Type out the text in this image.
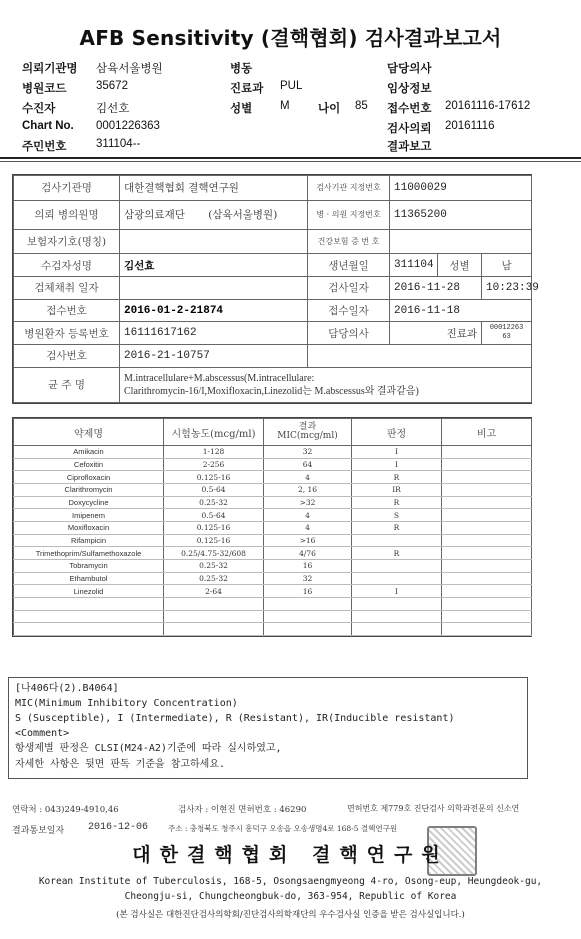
AFB Sensitivity (결핵협회) 검사결과보고서
의뢰기관명 삼육서울병원
병원코드	35672
수진자	김선호
Chart No. 0001226363
주민번호	311104--
병동
진료과 PUL
성별 M 나이 85
담당의사
임상정보
접수번호 20161116-17612
검사의뢰 20161116
결과보고
검사기관명	대한결핵협회 결핵연구원	검사기관 지정번호	11000029		
의뢰 병의원명	삼광의료재단 (삼육서울병원)	병 · 의원 지정번호	11365200		
보험자기호(명칭)		건강보험 증 번 호			
수검자성명	김선효	생년월일	311104	성별	남
검체채취 일자		검사일자	2016-11-28		10:23:39
접수번호	2016-01-2-21874	접수일자	2016-11-18		
병원환자 등록번호	16111617162	담당의사	진료과		00012263 63
검사번호	2016-21-10757				
균 주 명	M.intracellulare+M.abscessus(M.intracellulare:
Clarithromycin-16/I,Moxifloxacin,Linezolid는 M.abscessus와 결과같음)				
약제명	시험농도(mcg/ml)	결과 MIC(mcg/ml)	판정	비고
Amikacin	1-128	32	I	
Cefoxitin	2-256	64	I	
Ciprofloxacin	0.125-16	4	R	
Clarithromycin	0.5-64	2, 16	IR	
Doxycycline	0.25-32	>32	R	
Imipenem	0.5-64	4	S	
Moxifloxacin	0.125-16	4	R	
Rifampicin	0.125-16	>16		
Trimethoprim/Sulfamethoxazole	0.25/4.75-32/608	4/76	R	
Tobramycin	0.25-32	16		
Ethambutol	0.25-32	32		
Linezolid	2-64	16	I	

[나406다(2).B4064]
MIC(Minimum Inhibitory Concentration)
S (Susceptible), I (Intermediate), R (Resistant), IR(Inducible resistant)
<Comment>
항생제별 판정은 CLSI(M24-A2)기준에 따라 실시하였고,
자세한 사항은 뒷면 판독 기준을 참고하세요.
연락처 : 043)249-4910,46	검사자 : 이현진 면허번호 : 46290	면허번호 제779호 진단검사 의학과전문의 신소연
결과통보일자 2016-12-06	주소 : 충청북도 청주시 흥덕구 오송읍 오송생명4로 168-5 결핵연구원
대한결핵협회 결핵연구원
Korean Institute of Tuberculosis, 168-5, Osongsaengmyeong 4-ro, Osong-eup, Heungdeok-gu,
Cheongju-si, Chungcheongbuk-do, 363-954, Republic of Korea
(본 검사실은 대한진단검사의학회/진단검사의학재단의 우수검사실 인증을 받은 검사실입니다.)
